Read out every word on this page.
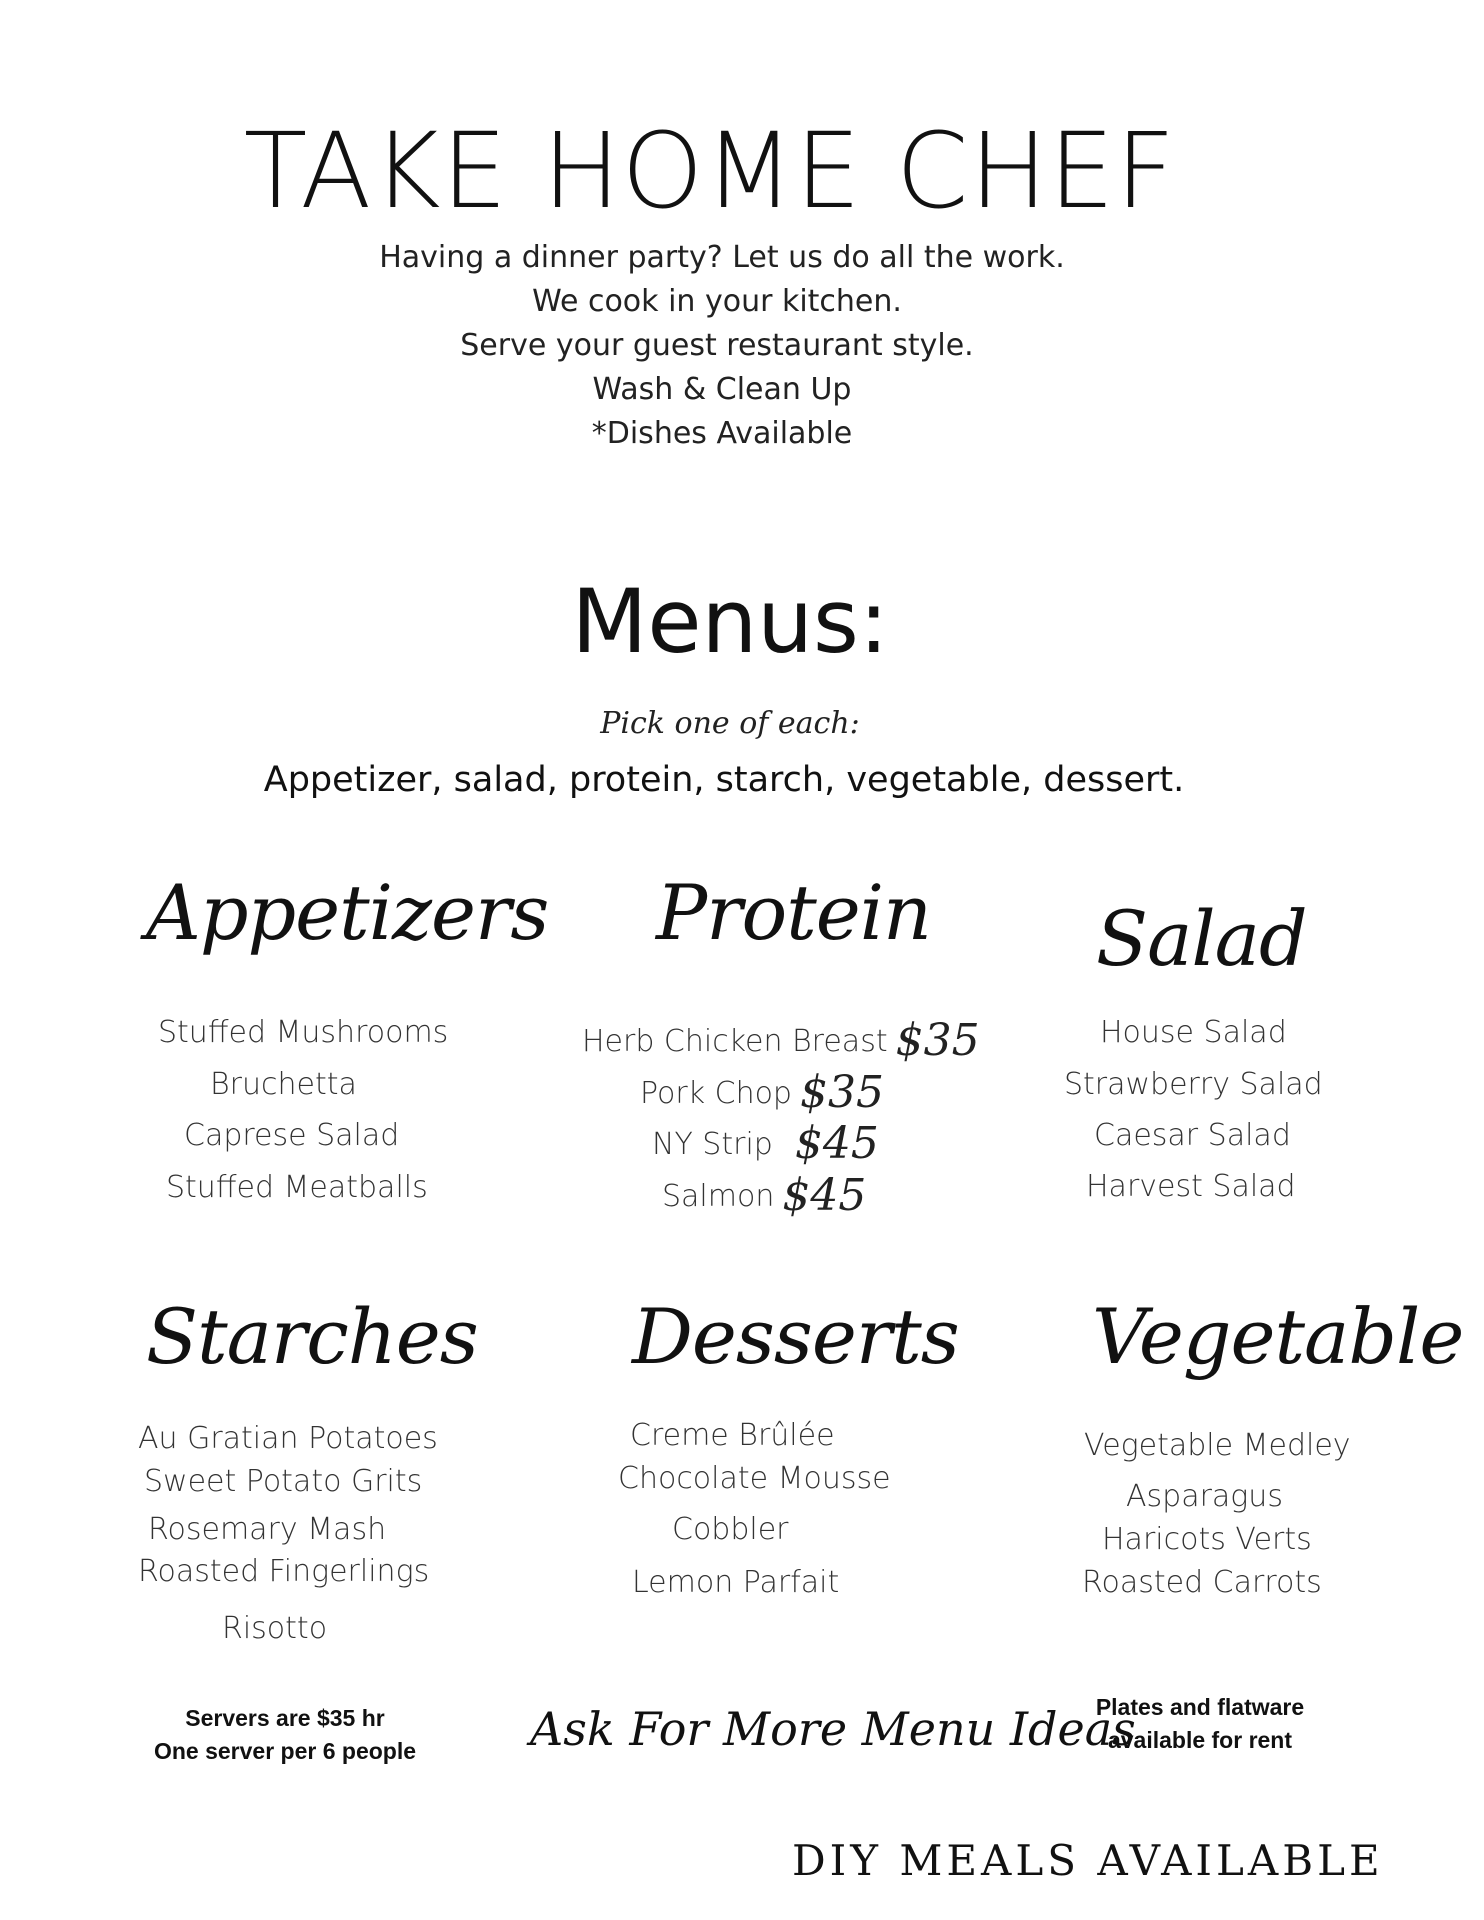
TAKE HOME CHEF
Having a dinner party? Let us do all the work.
We cook in your kitchen.
Serve your guest restaurant style.
Wash & Clean Up
*Dishes Available
Menus:
Pick one of each:
Appetizer, salad, protein, starch, vegetable, dessert.
Appetizers
Stuffed Mushrooms
Bruchetta
Caprese Salad
Stuffed Meatballs
Protein
Herb Chicken Breast $35
Pork Chop $35
NY Strip $45
Salmon $45
Salad
House Salad
Strawberry Salad
Caesar Salad
Harvest Salad
Starches
Au Gratian Potatoes
Sweet Potato Grits
Rosemary Mash
Roasted Fingerlings
Risotto
Desserts
Creme Brûlée
Chocolate Mousse
Cobbler
Lemon Parfait
Vegetable
Vegetable Medley
Asparagus
Haricots Verts
Roasted Carrots
Servers are $35 hr
One server per 6 people	Ask For More Menu Ideas
Plates and flatware
available for rent
DIY MEALS AVAILABLE
